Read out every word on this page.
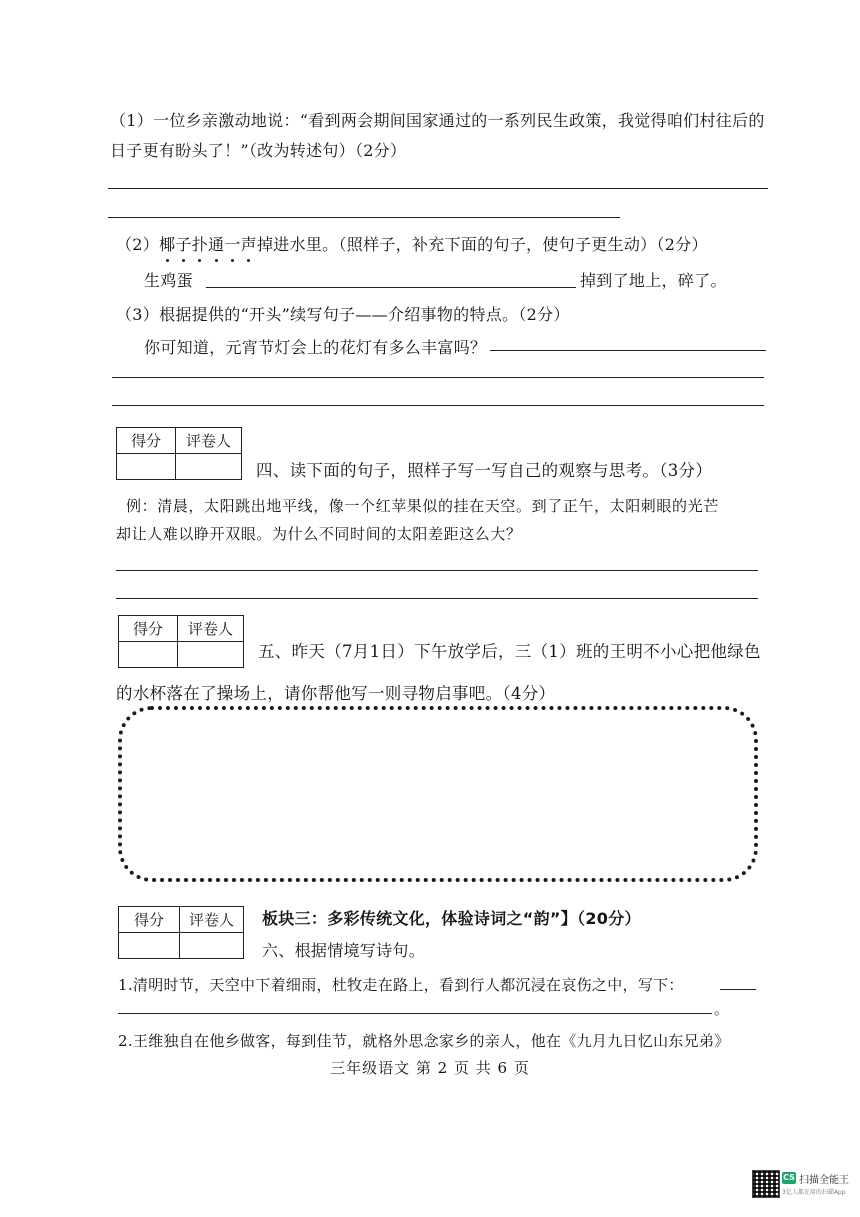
（1）一位乡亲激动地说：“看到两会期间国家通过的一系列民生政策，我觉得咱们村往后的
日子更有盼头了！”（改为转述句）（2分）
（2）椰子扑通一声掉进水里。（照样子，补充下面的句子，使句子更生动）（2分）
生鸡蛋	掉到了地上，碎了。
（3）根据提供的“开头”续写句子——介绍事物的特点。（2分）
你可知道，元宵节灯会上的花灯有多么丰富吗？
得分	评卷人

四、读下面的句子，照样子写一写自己的观察与思考。（3分）
例：清晨，太阳跳出地平线，像一个红苹果似的挂在天空。到了正午，太阳刺眼的光芒
却让人难以睁开双眼。为什么不同时间的太阳差距这么大？
得分	评卷人

五、昨天（7月1日）下午放学后，三（1）班的王明不小心把他绿色
的水杯落在了操场上，请你帮他写一则寻物启事吧。（4分）
得分	评卷人
	板块三：多彩传统文化，体验诗词之“韵”】（20分）
六、根据情境写诗句。
1.清明时节，天空中下着细雨，杜牧走在路上，看到行人都沉浸在哀伤之中，写下：
。
2.王维独自在他乡做客，每到佳节，就格外思念家乡的亲人，他在《九月九日忆山东兄弟》
三年级语文 第 2 页 共 6 页
CS 扫描全能王
3亿人都在用的扫描App
